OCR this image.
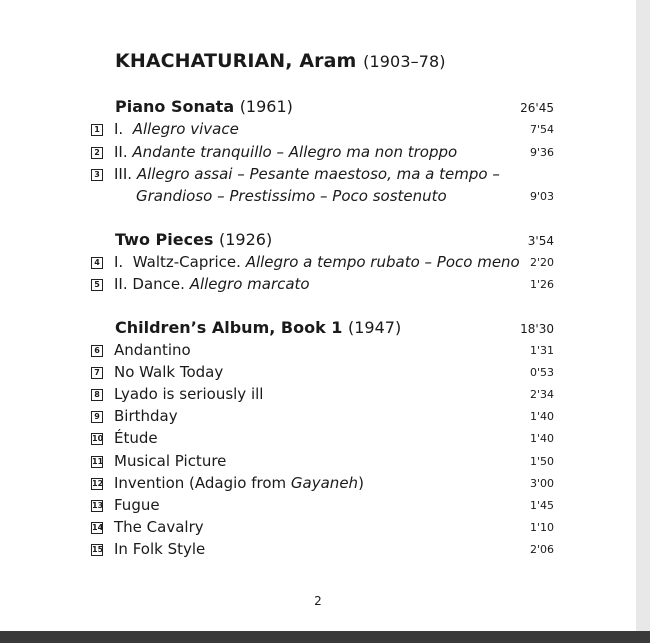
KHACHATURIAN, Aram (1903–78)
Piano Sonata (1961)	26'45
1 I. Allegro vivace	7'54
2 II. Andante tranquillo – Allegro ma non troppo	9'36
3 III. Allegro assai – Pesante maestoso, ma a tempo –
Grandioso – Prestissimo – Poco sostenuto	9'03
Two Pieces (1926)	3'54
4 I. Waltz-Caprice. Allegro a tempo rubato – Poco meno 2'20
5 II. Dance. Allegro marcato	1'26
Children’s Album, Book 1 (1947)	18'30
6 Andantino	1'31
7 No Walk Today	0'53
8 Lyado is seriously ill	2'34
9 Birthday	1'40
10 Étude	1'40
11 Musical Picture	1'50
12 Invention (Adagio from Gayaneh)	3'00
13 Fugue	1'45
14 The Cavalry	1'10
15 In Folk Style	2'06
2
